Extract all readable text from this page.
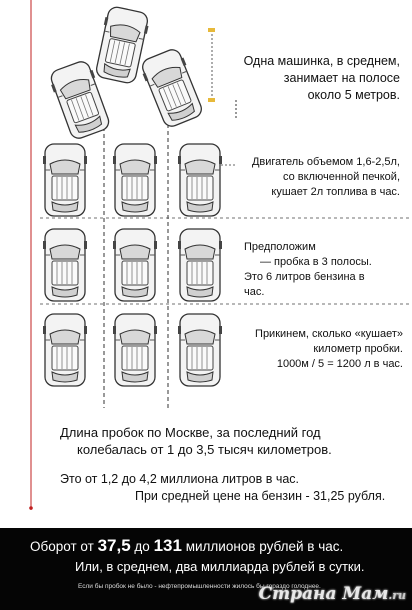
Одна машинка, в среднем,
занимает на полосе
около 5 метров.
Двигатель объемом 1,6-2,5л,
со включенной печкой,
кушает 2л топлива в час.
Предположим
— пробка в 3 полосы.
Это 6 литров бензина в час.
Прикинем, сколько «кушает»
километр пробки.
1000м / 5 = 1200 л в час.
Длина пробок по Москве, за последний год
колебалась от 1 до 3,5 тысяч километров.
Это от 1,2 до 4,2 миллиона литров в час.
При средней цене на бензин - 31,25 рубля.
Оборот от 37,5 до 131 миллионов рублей в час.
Или, в среднем, два миллиарда рублей в сутки.
Если бы пробок не было - нефтепромышленности жилось бы гораздо голоднее.
Страна Мам.ru
